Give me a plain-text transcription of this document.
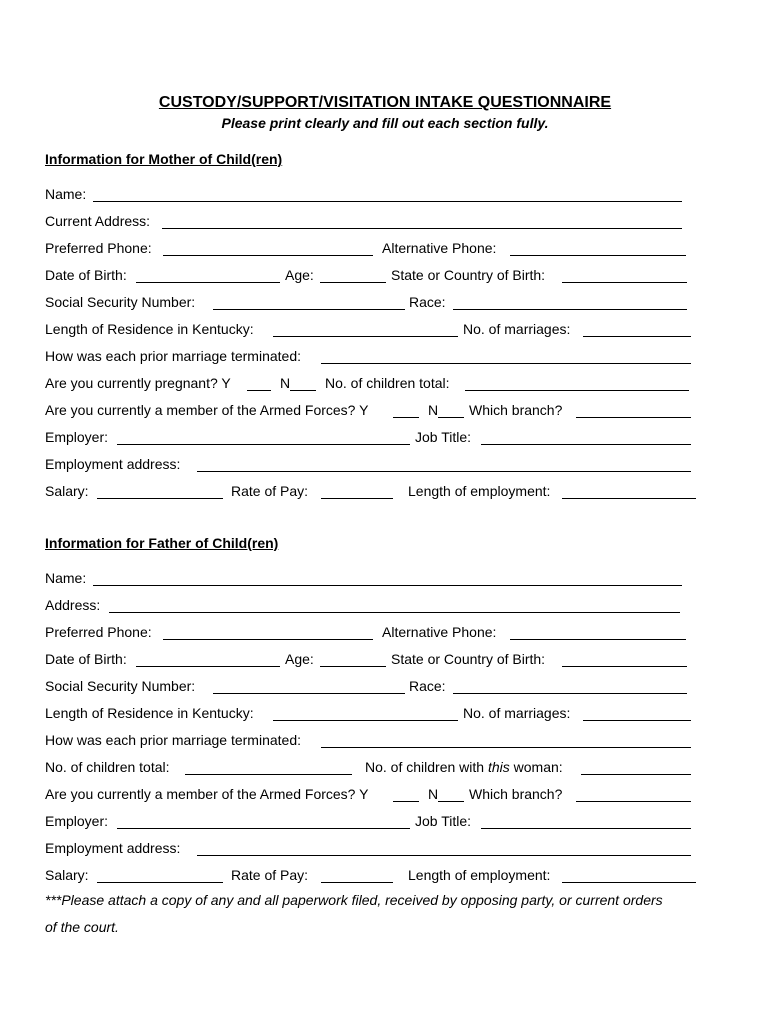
CUSTODY/SUPPORT/VISITATION INTAKE QUESTIONNAIRE
Please print clearly and fill out each section fully.
Information for Mother of Child(ren)
Name:
Current Address:
Preferred Phone:	Alternative Phone:
Date of Birth:	Age:	State or Country of Birth:
Social Security Number:	Race:
Length of Residence in Kentucky:	No. of marriages:
How was each prior marriage terminated:
Are you currently pregnant? Y	N No. of children total:
Are you currently a member of the Armed Forces? Y	N Which branch?
Employer:	Job Title:
Employment address:
Salary:	Rate of Pay:	Length of employment:
Information for Father of Child(ren)
Name:
Address:
Preferred Phone:	Alternative Phone:
Date of Birth:	Age:	State or Country of Birth:
Social Security Number:	Race:
Length of Residence in Kentucky:	No. of marriages:
How was each prior marriage terminated:
No. of children total:	No. of children with this woman:
Are you currently a member of the Armed Forces? Y	N Which branch?
Employer:	Job Title:
Employment address:
Salary:	Rate of Pay:	Length of employment:
***Please attach a copy of any and all paperwork filed, received by opposing party, or current orders
of the court.
